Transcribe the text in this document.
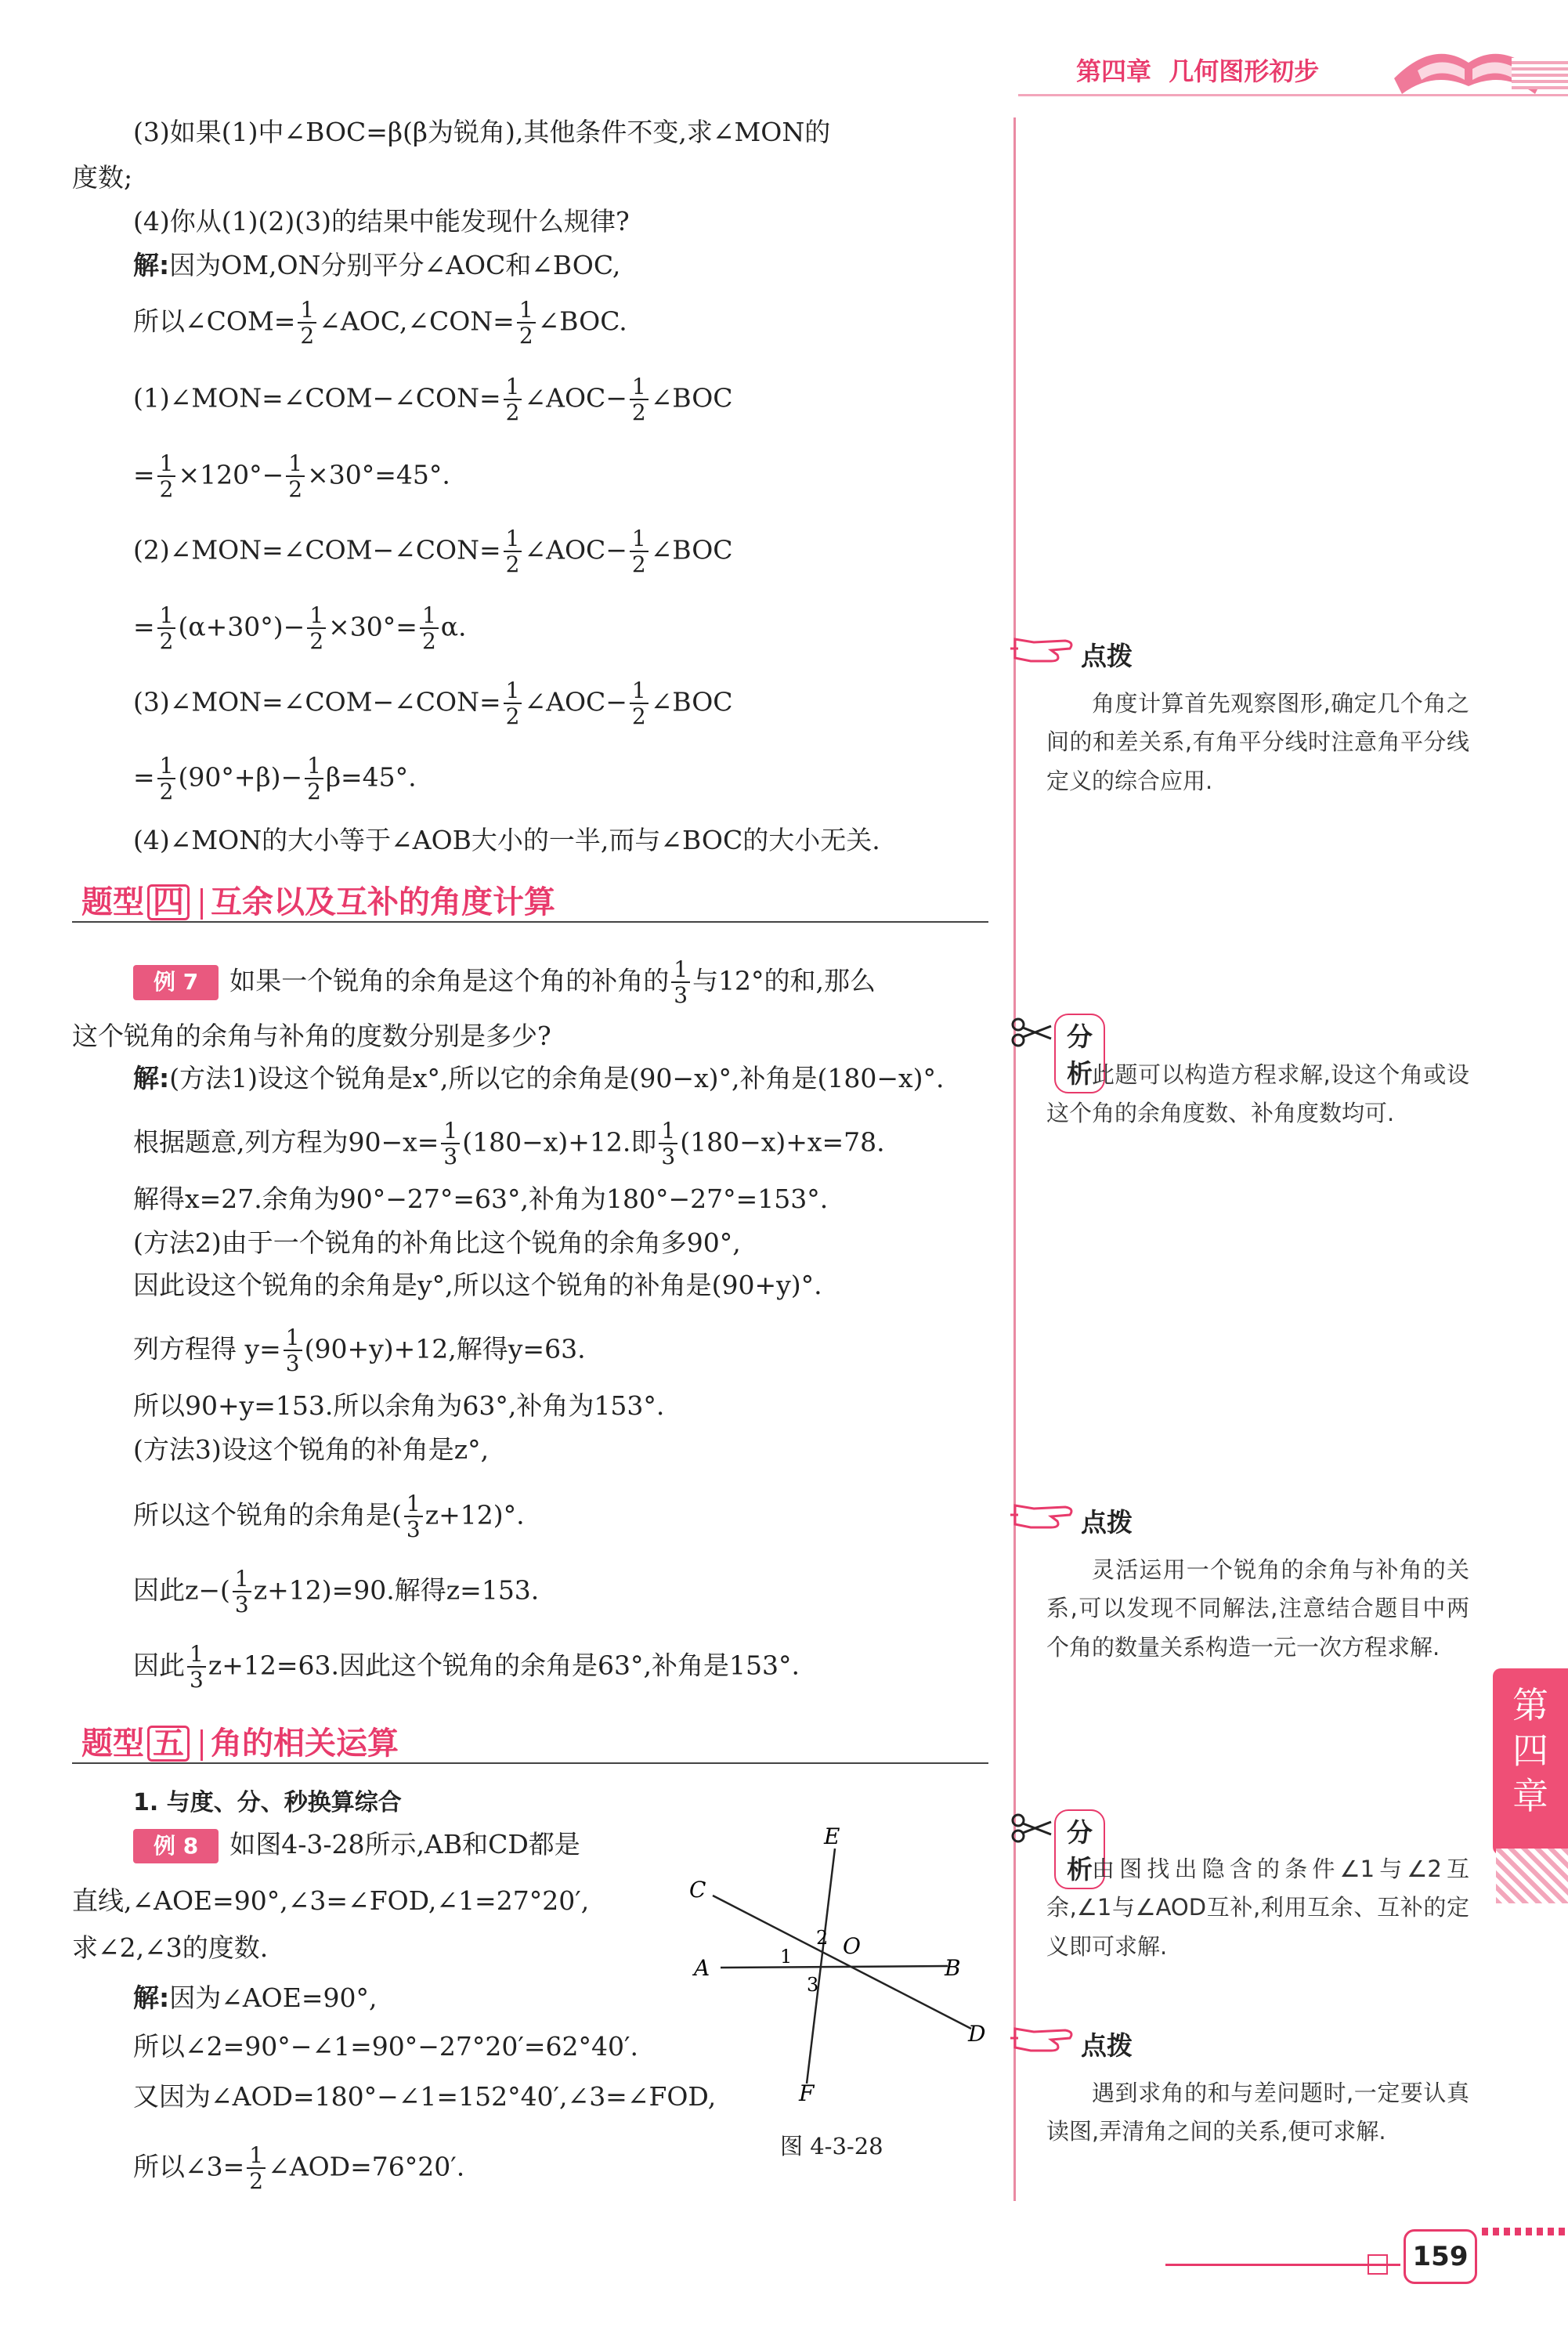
第四章 几何图形初步
(3)如果(1)中∠BOC=β(β为锐角),其他条件不变,求∠MON的
度数;
(4)你从(1)(2)(3)的结果中能发现什么规律?
解:因为OM,ON分别平分∠AOC和∠BOC,
所以∠COM= $\frac{1}{2}$ ∠AOC,∠CON= $\frac{1}{2}$ ∠BOC.
(1)∠MON=∠COM−∠CON= $\frac{1}{2}$ ∠AOC− $\frac{1}{2}$ ∠BOC
= $\frac{1}{2} \times 120^\circ- \frac{1}{2} \times 30^\circ=45^\circ$.
(2)∠MON=∠COM−∠CON= $\frac{1}{2}$ ∠AOC− $\frac{1}{2}$ ∠BOC
= $\frac{1}{2} (\alpha+30^\circ)- \frac{1}{2} \times 30^\circ= \frac{1}{2} \alpha$.
(3)∠MON=∠COM−∠CON= $\frac{1}{2}$ ∠AOC− $\frac{1}{2}$ ∠BOC
= $\frac{1}{2} (90^\circ+\beta)- \frac{1}{2} \beta=45^\circ$.
(4)∠MON的大小等于∠AOB大小的一半,而与∠BOC的大小无关.
题型 四 互余以及互补的角度计算
例 7 如果一个锐角的余角是这个角的补角的 $\frac{1}{3}$ 与12°的和,那么
这个锐角的余角与补角的度数分别是多少?
解:(方法1)设这个锐角是x°,所以它的余角是(90−x)°,补角是(180−x)°.
根据题意,列方程为$90-x= \frac{1}{3} (180-x)+12$.即 $\frac{1}{3} (180-x)+x=78$.
解得x=27.余角为90°−27°=63°,补角为180°−27°=153°.
(方法2)由于一个锐角的补角比这个锐角的余角多90°,
因此设这个锐角的余角是y°,所以这个锐角的补角是(90+y)°.
列方程得 $y= \frac{1}{3} (90+y)+12$,解得y=63.
所以90+y=153.所以余角为63°,补角为153°.
(方法3)设这个锐角的补角是z°,
所以这个锐角的余角是( $\frac{1}{3} z+12)^\circ$.
因此$z-( \frac{1}{3} z+12)=90$.解得z=153.
因此 $\frac{1}{3} z+12=63$.因此这个锐角的余角是63°,补角是153°.
题型 五 角的相关运算
1. 与度、分、秒换算综合
例 8 如图4-3-28所示,AB和CD都是
直线,∠AOE=90°,∠3=∠FOD,∠1=27°20′,
求∠2,∠3的度数.
解:因为∠AOE=90°,
所以∠2=90°−∠1=90°−27°20′=62°40′.
又因为∠AOD=180°−∠1=152°40′,∠3=∠FOD,
所以∠3= $\frac{1}{2}$ ∠AOD=76°20′.
E
C
A	B
D
F
O
1
2
3
图 4-3-28
点拨

角度计算首先观察图形,确定几个角之间的和差关系,有角平分线时注意角平分线定义的综合应用.

分析 此题可以构造方程求解,设这个角或设这个角的余角度数、补角度数均可.

点拨

灵活运用一个锐角的余角与补角的关系,可以发现不同解法,注意结合题目中两个角的数量关系构造一元一次方程求解.

分析 由图找出隐含的条件∠1与∠2互余,∠1与∠AOD互补,利用互余、互补的定义即可求解.

点拨

遇到求角的和与差问题时,一定要认真读图,弄清角之间的关系,便可求解.

第
四
章
159
